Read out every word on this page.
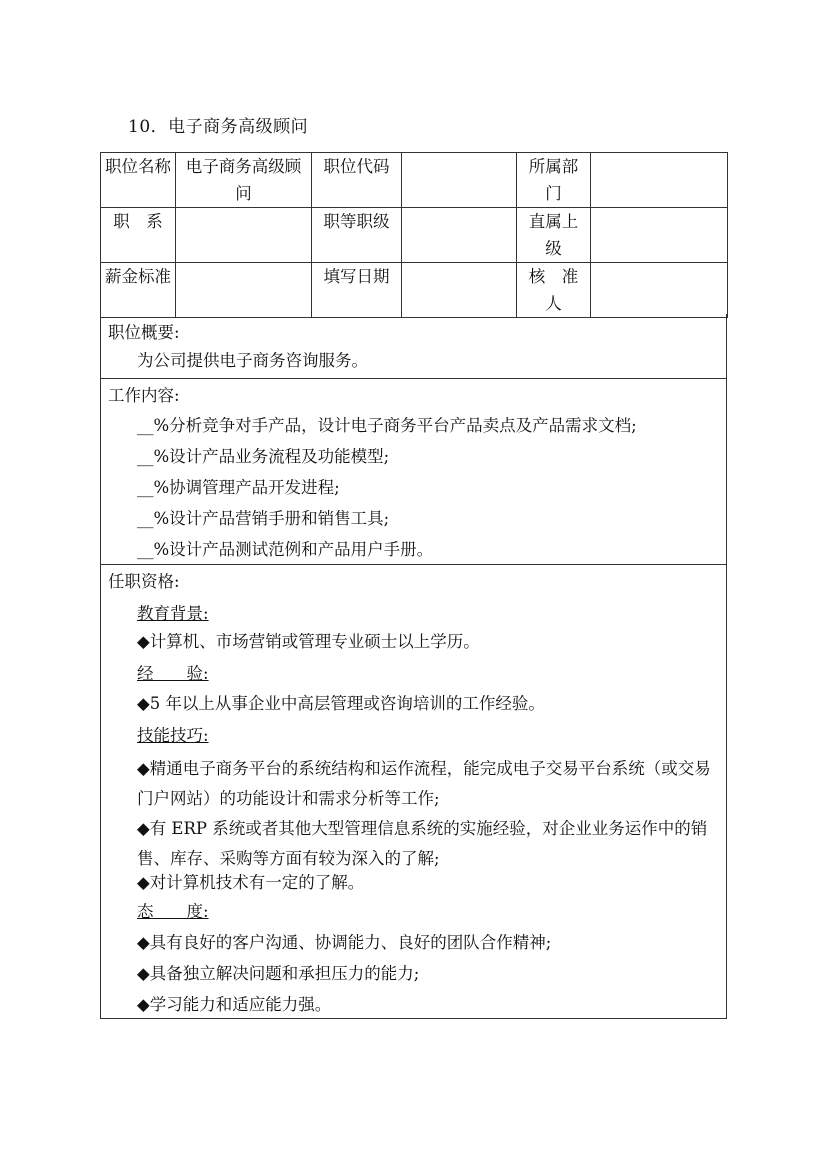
10．电子商务高级顾问
职位名称	电子商务高级顾问	职位代码		所属部门	
职　系		职等职级		直属上级	
薪金标准		填写日期		核　准　人	
职位概要:
为公司提供电子商务咨询服务。
工作内容:
__%分析竞争对手产品，设计电子商务平台产品卖点及产品需求文档;
__%设计产品业务流程及功能模型;
__%协调管理产品开发进程;
__%设计产品营销手册和销售工具;
__%设计产品测试范例和产品用户手册。
任职资格:
教育背景:
◆计算机、市场营销或管理专业硕士以上学历。
经　　验:
◆5 年以上从事企业中高层管理或咨询培训的工作经验。
技能技巧:
◆精通电子商务平台的系统结构和运作流程，能完成电子交易平台系统（或交易门户网站）的功能设计和需求分析等工作;
◆有 ERP 系统或者其他大型管理信息系统的实施经验，对企业业务运作中的销售、库存、采购等方面有较为深入的了解;
◆对计算机技术有一定的了解。
态　　度:
◆具有良好的客户沟通、协调能力、良好的团队合作精神;
◆具备独立解决问题和承担压力的能力;
◆学习能力和适应能力强。
